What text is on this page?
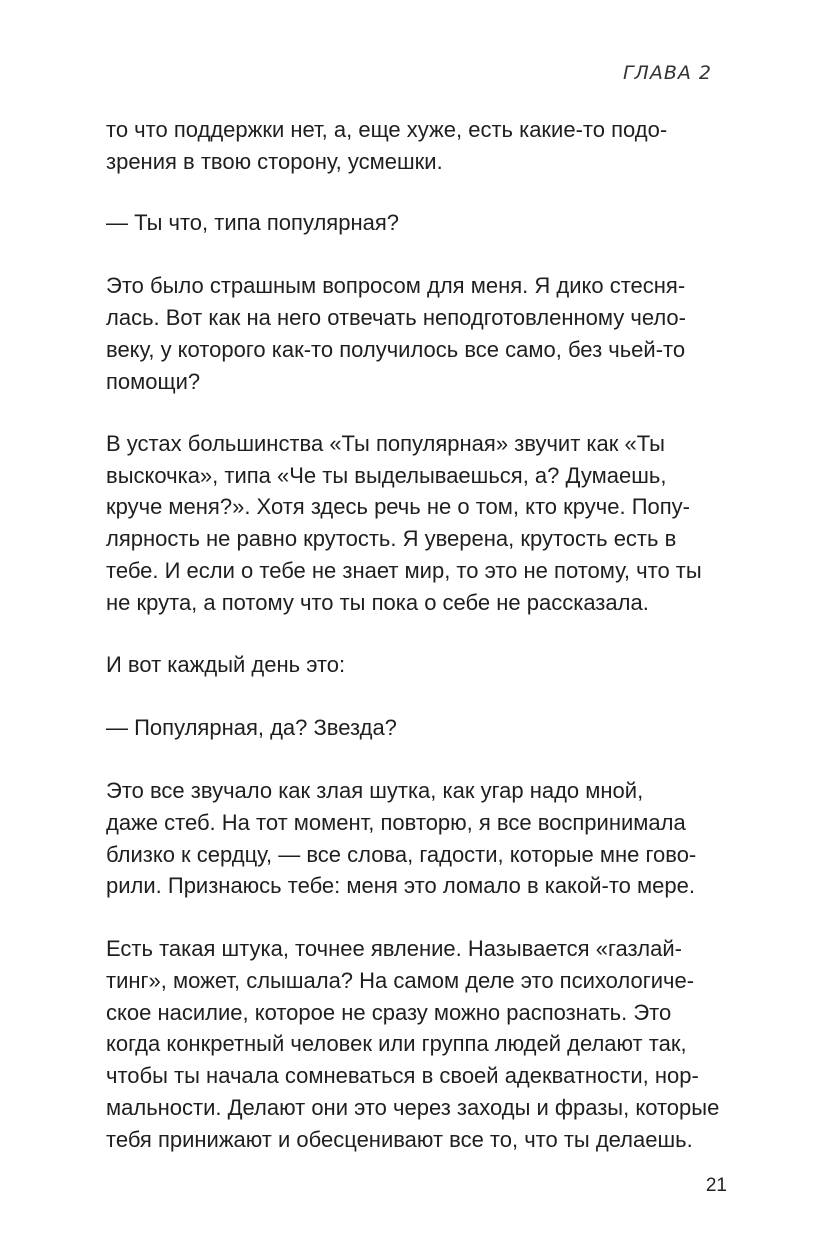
ГЛАВА 2
то что поддержки нет, а, еще хуже, есть какие-то подо-
зрения в твою сторону, усмешки.
— Ты что, типа популярная?
Это было страшным вопросом для меня. Я дико стесня-
лась. Вот как на него отвечать неподготовленному чело-
веку, у которого как-то получилось все само, без чьей-то
помощи?
В устах большинства «Ты популярная» звучит как «Ты
выскочка», типа «Че ты выделываешься, а? Думаешь,
круче меня?». Хотя здесь речь не о том, кто круче. Попу-
лярность не равно крутость. Я уверена, крутость есть в
тебе. И если о тебе не знает мир, то это не потому, что ты
не крута, а потому что ты пока о себе не рассказала.
И вот каждый день это:
— Популярная, да? Звезда?
Это все звучало как злая шутка, как угар надо мной,
даже стеб. На тот момент, повторю, я все воспринимала
близко к сердцу, — все слова, гадости, которые мне гово-
рили. Признаюсь тебе: меня это ломало в какой-то мере.
Есть такая штука, точнее явление. Называется «газлай-
тинг», может, слышала? На самом деле это психологиче-
ское насилие, которое не сразу можно распознать. Это
когда конкретный человек или группа людей делают так,
чтобы ты начала сомневаться в своей адекватности, нор-
мальности. Делают они это через заходы и фразы, которые
тебя принижают и обесценивают все то, что ты делаешь.
21
